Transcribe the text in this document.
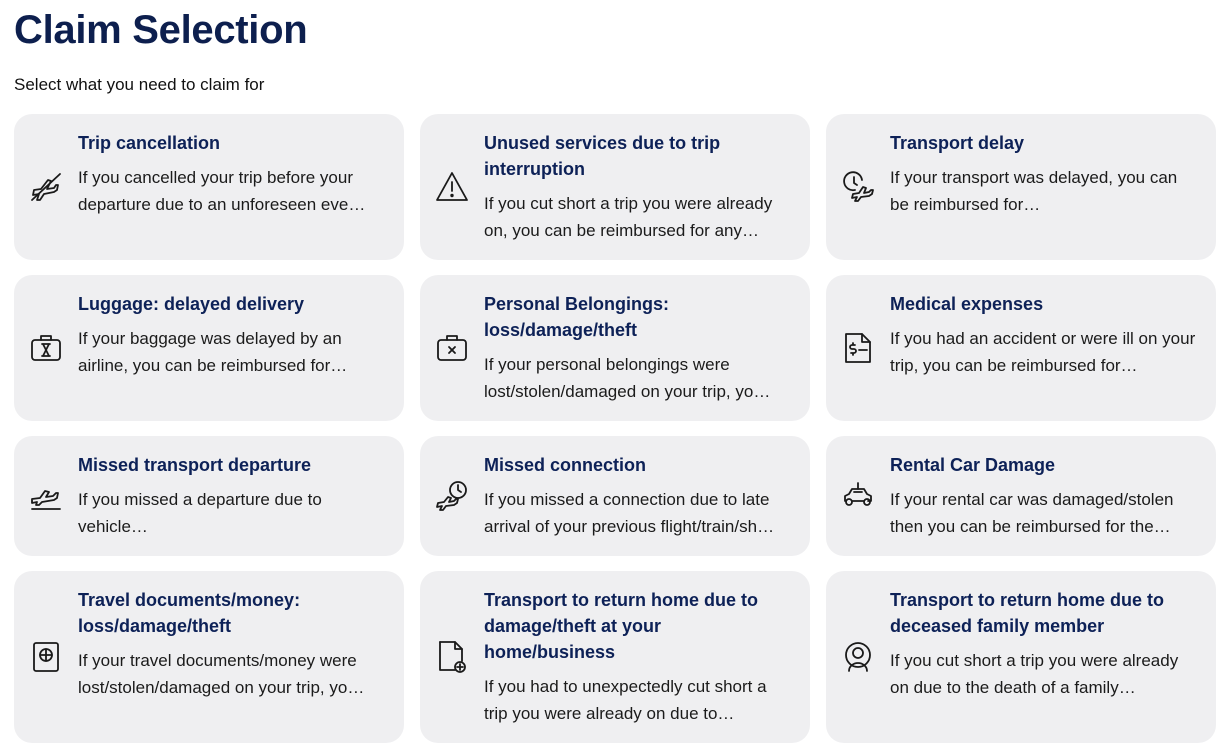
Claim Selection
Select what you need to claim for
Trip cancellation
If you cancelled your trip before your departure due to an unforeseen eve…
Unused services due to trip interruption
If you cut short a trip you were already on, you can be reimbursed for any…
Transport delay
If your transport was delayed, you can be reimbursed for…
Luggage: delayed delivery
If your baggage was delayed by an airline, you can be reimbursed for…
Personal Belongings: loss/damage/theft
If your personal belongings were lost/stolen/damaged on your trip, yo…
Medical expenses
If you had an accident or were ill on your trip, you can be reimbursed for…
Missed transport departure
If you missed a departure due to vehicle…
Missed connection
If you missed a connection due to late arrival of your previous flight/train/sh…
Rental Car Damage
If your rental car was damaged/stolen then you can be reimbursed for the…
Travel documents/money: loss/damage/theft
If your travel documents/money were lost/stolen/damaged on your trip, yo…
Transport to return home due to damage/theft at your home/business
If you had to unexpectedly cut short a trip you were already on due to…
Transport to return home due to deceased family member
If you cut short a trip you were already on due to the death of a family…
